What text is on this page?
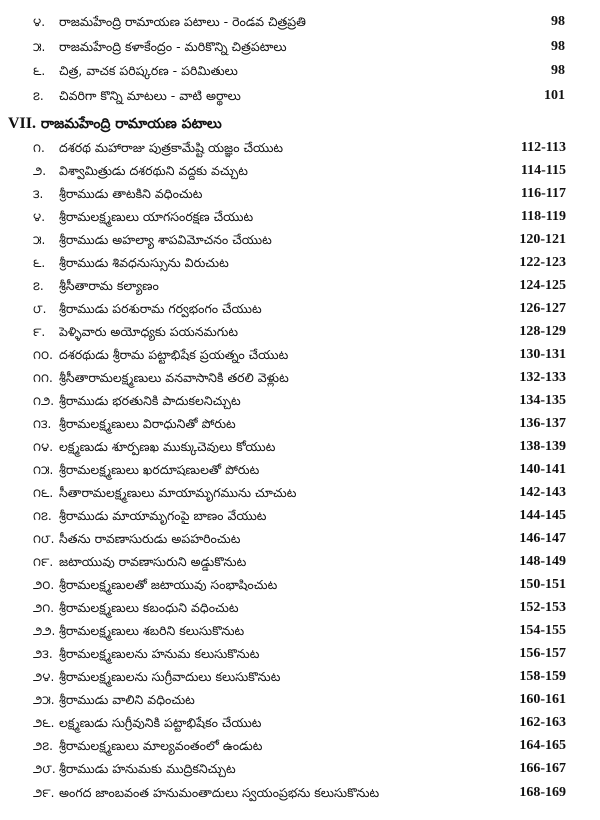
౪.	రాజమహేంద్రి రామాయణ పటాలు - రెండవ చిత్రప్రతి	98
౫.	రాజమహేంద్రి కళాకేంద్రం - మరికొన్ని చిత్రపటాలు	98
౬.	చిత్ర, వాచక పరిష్కరణ - పరిమితులు	98
౭.	చివరిగా కొన్ని మాటలు - వాటి అర్థాలు	101
VII. రాజమహేంద్రి రామాయణ పటాలు
౧.	దశరథ మహారాజు పుత్రకామేష్టి యజ్ఞం చేయుట	112-113
౨.	విశ్వామిత్రుడు దశరథుని వద్దకు వచ్చుట	114-115
౩.	శ్రీరాముడు తాటకిని వధించుట	116-117
౪.	శ్రీరామలక్ష్మణులు యాగసంరక్షణ చేయుట	118-119
౫.	శ్రీరాముడు అహల్యా శాపవిమోచనం చేయుట	120-121
౬.	శ్రీరాముడు శివధనుస్సును విరుచుట	122-123
౭.	శ్రీసీతారామ కల్యాణం	124-125
౮.	శ్రీరాముడు పరశురామ గర్వభంగం చేయుట	126-127
౯.	పెళ్ళివారు అయోధ్యకు పయనమగుట	128-129
౧౦. దశరథుడు శ్రీరామ పట్టాభిషేక ప్రయత్నం చేయుట	130-131
౧౧. శ్రీసీతారామలక్ష్మణులు వనవాసానికి తరలి వెళ్లుట	132-133
౧౨. శ్రీరాముడు భరతునికి పాదుకలనిచ్చుట	134-135
౧౩. శ్రీరామలక్ష్మణులు విరాధునితో పోరుట	136-137
౧౪. లక్ష్మణుడు శూర్పణఖ ముక్కుచెవులు కోయుట	138-139
౧౫. శ్రీరామలక్ష్మణులు ఖరదూషణులతో పోరుట	140-141
౧౬. సీతారామలక్ష్మణులు మాయామృగమును చూచుట	142-143
౧౭. శ్రీరాముడు మాయామృగంపై బాణం వేయుట	144-145
౧౮. సీతను రావణాసురుడు అపహరించుట	146-147
౧౯. జటాయువు రావణాసురుని అడ్డుకొనుట	148-149
౨౦. శ్రీరామలక్ష్మణులతో జటాయువు సంభాషించుట	150-151
౨౧. శ్రీరామలక్ష్మణులు కబంధుని వధించుట	152-153
౨౨. శ్రీరామలక్ష్మణులు శబరిని కలుసుకొనుట	154-155
౨౩. శ్రీరామలక్ష్మణులను హనుమ కలుసుకొనుట	156-157
౨౪. శ్రీరామలక్ష్మణులను సుగ్రీవాదులు కలుసుకొనుట	158-159
౨౫. శ్రీరాముడు వాలిని వధించుట	160-161
౨౬. లక్ష్మణుడు సుగ్రీవునికి పట్టాభిషేకం చేయుట	162-163
౨౭. శ్రీరామలక్ష్మణులు మాల్యవంతంలో ఉండుట	164-165
౨౮. శ్రీరాముడు హనుమకు ముద్రికనిచ్చుట	166-167
౨౯. అంగద జాంబవంత హనుమంతాదులు స్వయంప్రభను కలుసుకొనుట	168-169
